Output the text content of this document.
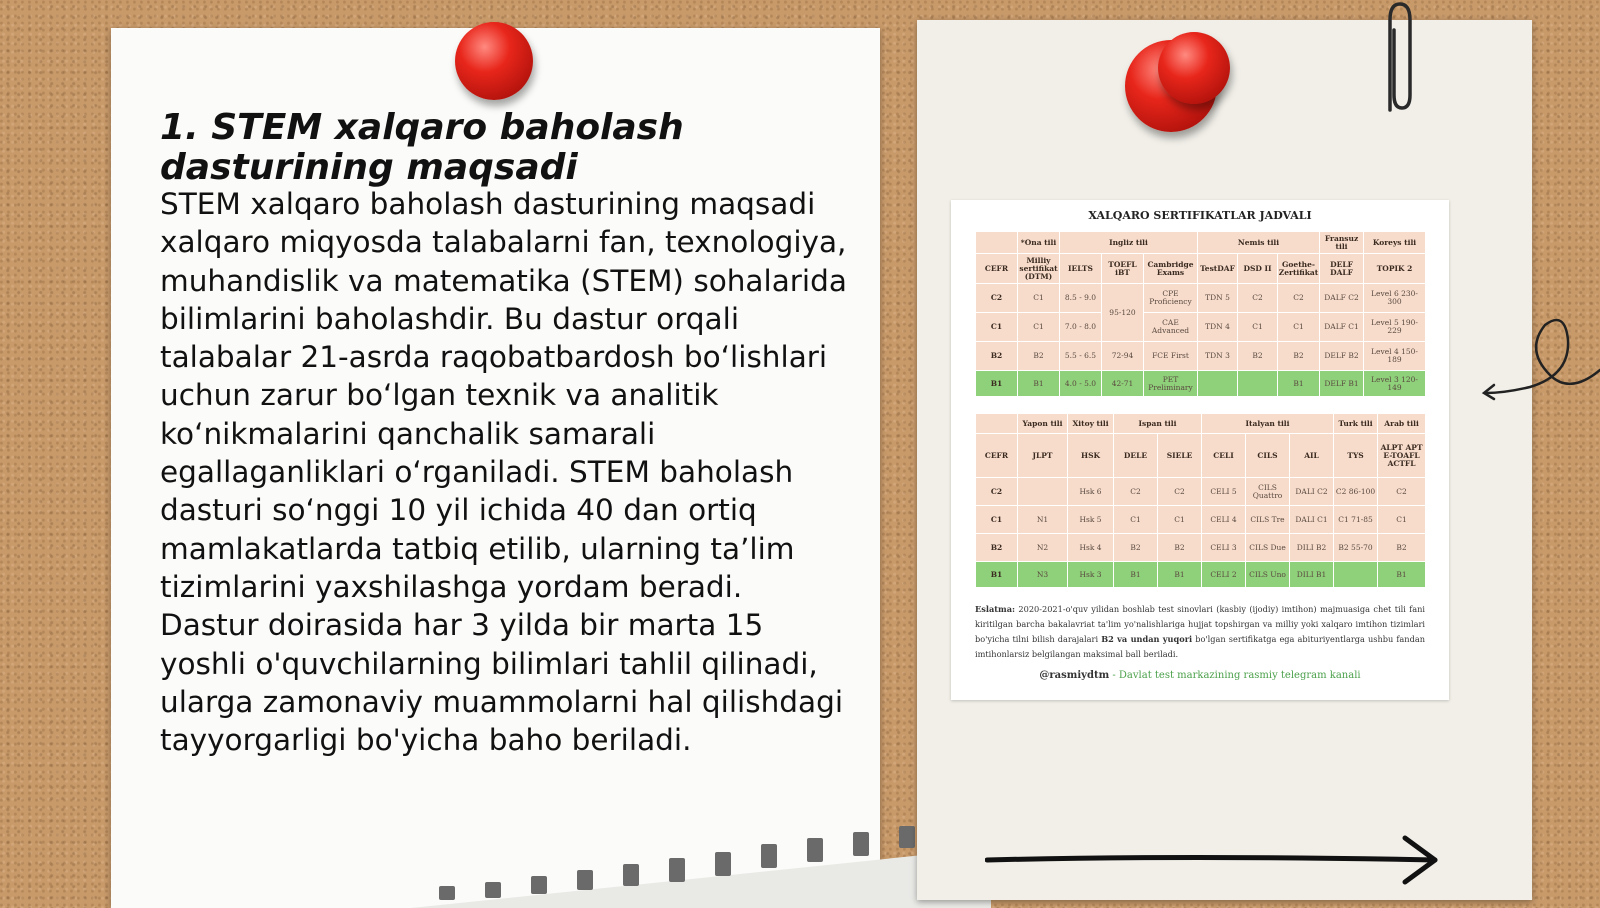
1. STEM xalqaro baholash dasturining maqsadi

STEM xalqaro baholash dasturining maqsadi xalqaro miqyosda talabalarni fan, texnologiya, muhandislik va matematika (STEM) sohalarida bilimlarini baholashdir. Bu dastur orqali talabalar 21-asrda raqobatbardosh bo‘lishlari uchun zarur bo‘lgan texnik va analitik ko‘nikmalarini qanchalik samarali egallaganliklari o‘rganiladi. STEM baholash dasturi so‘nggi 10 yil ichida 40 dan ortiq mamlakatlarda tatbiq etilib, ularning ta’lim tizimlarini yaxshilashga yordam beradi. Dastur doirasida har 3 yilda bir marta 15 yoshli o'quvchilarning bilimlari tahlil qilinadi, ularga zamonaviy muammolarni hal qilishdagi tayyorgarligi bo'yicha baho beriladi.

XALQARO SERTIFIKATLAR JADVALI
	*Ona tili	Ingliz tili			Nemis tili			Fransuz tili	Koreys tili
CEFR	Milliy sertifikat (DTM)	IELTS	TOEFL iBT	Cambridge Exams	TestDAF	DSD II	Goethe-Zertifikat	DELF DALF	TOPIK 2
C2	C1	8.5 - 9.0	95-120	CPE Proficiency	TDN 5	C2	C2	DALF C2	Level 6 230-300
C1	C1	7.0 - 8.0		CAE Advanced	TDN 4	C1	C1	DALF C1	Level 5 190-229
B2	B2	5.5 - 6.5	72-94	FCE First	TDN 3	B2	B2	DELF B2	Level 4 150-189
B1	B1	4.0 - 5.0	42-71	PET Preliminary			B1	DELF B1	Level 3 120-149
	Yapon tili	Xitoy tili	Ispan tili		Italyan tili			Turk tili	Arab tili
CEFR	JLPT	HSK	DELE	SIELE	CELI	CILS	AIL	TYS	ALPT APT E-TOAFL ACTFL
C2		Hsk 6	C2	C2	CELI 5	CILS Quattro	DALI C2	C2 86-100	C2
C1	N1	Hsk 5	C1	C1	CELI 4	CILS Tre	DALI C1	C1 71-85	C1
B2	N2	Hsk 4	B2	B2	CELI 3	CILS Due	DILI B2	B2 55-70	B2
B1	N3	Hsk 3	B1	B1	CELI 2	CILS Uno	DILI B1		B1
Eslatma: 2020-2021-o'quv yilidan boshlab test sinovlari (kasbiy (ijodiy) imtihon) majmuasiga chet tili fani kiritilgan barcha bakalavriat ta'lim yo'nalishlariga hujjat topshirgan va milliy yoki xalqaro imtihon tizimlari bo'yicha tilni bilish darajalari B2 va undan yuqori bo'lgan sertifikatga ega abituriyentlarga ushbu fandan imtihonlarsiz belgilangan maksimal ball beriladi.
@rasmiydtm - Davlat test markazining rasmiy telegram kanali
